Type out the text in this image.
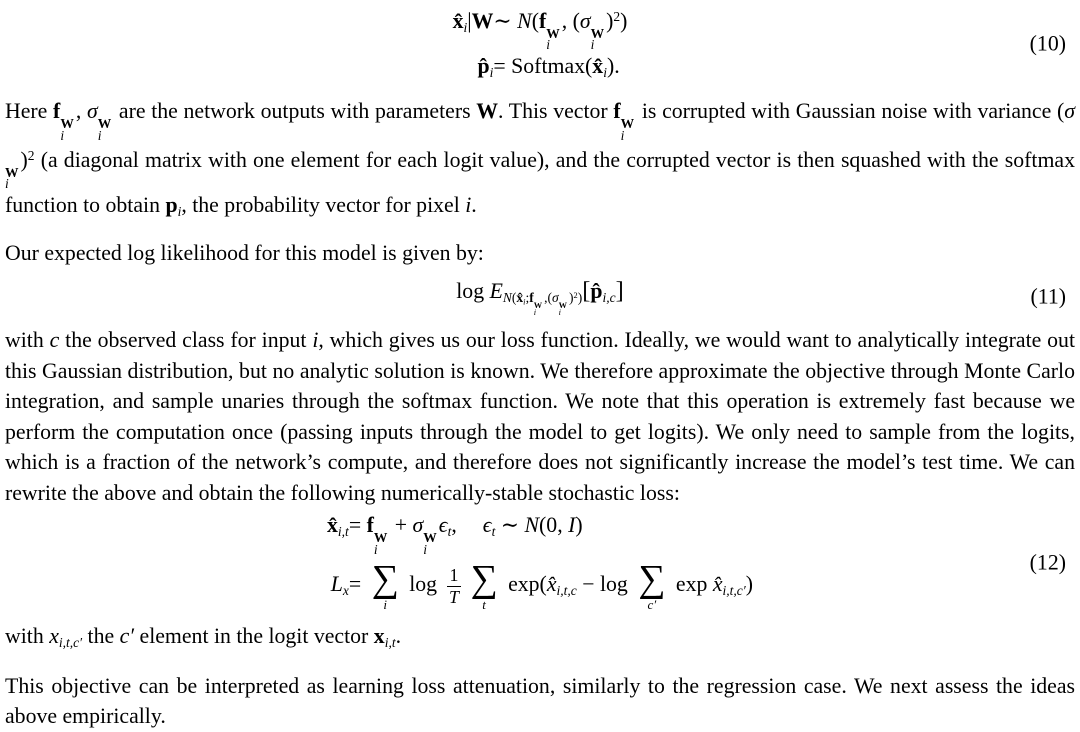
$x̂_i|W$ ∼ N(f
W
i
, (σ
W
i
)$^2$)
$p̂_i$ = $Softmax(x̂_i)$.
(10)

Here f
W
i
, σ
W
i
are the network outputs with parameters W. This vector f
W
i
is corrupted with Gaussian noise with variance (σ
W
i
)$^2$ (a diagonal matrix with one element for each logit value), and the corrupted vector is then squashed with the softmax function to obtain $p_i$, the probability vector for pixel i.

Our expected log likelihood for this model is given by:

$\log E_{N(x̂_i;f W i ,(\sigma W i )^2)}[p̂_{i,c}]$	(11)

with c the observed class for input i, which gives us our loss function. Ideally, we would want to analytically integrate out this Gaussian distribution, but no analytic solution is known. We therefore approximate the objective through Monte Carlo integration, and sample unaries through the softmax function. We note that this operation is extremely fast because we perform the computation once (passing inputs through the model to get logits). We only need to sample from the logits, which is a fraction of the network’s compute, and therefore does not significantly increase the model’s test time. We can rewrite the above and obtain the following numerically-stable stochastic loss:

$x̂_{i,t} = f$
W
i
+ σ
W
i
$\epsilon_t$, $\epsilon_t$ ∼ N(0, I)
$L_x$ = ∑
i
$\log \frac{1}{T}$ ∑
t
$\exp(x̂_{i,t,c} - \log$ ∑
c′
$\exp x̂_{i,t,c'}$)
(12)

with $x_{i,t,c'}$ the c′ element in the logit vector $x_{i,t}$.

This objective can be interpreted as learning loss attenuation, similarly to the regression case. We next assess the ideas above empirically.
